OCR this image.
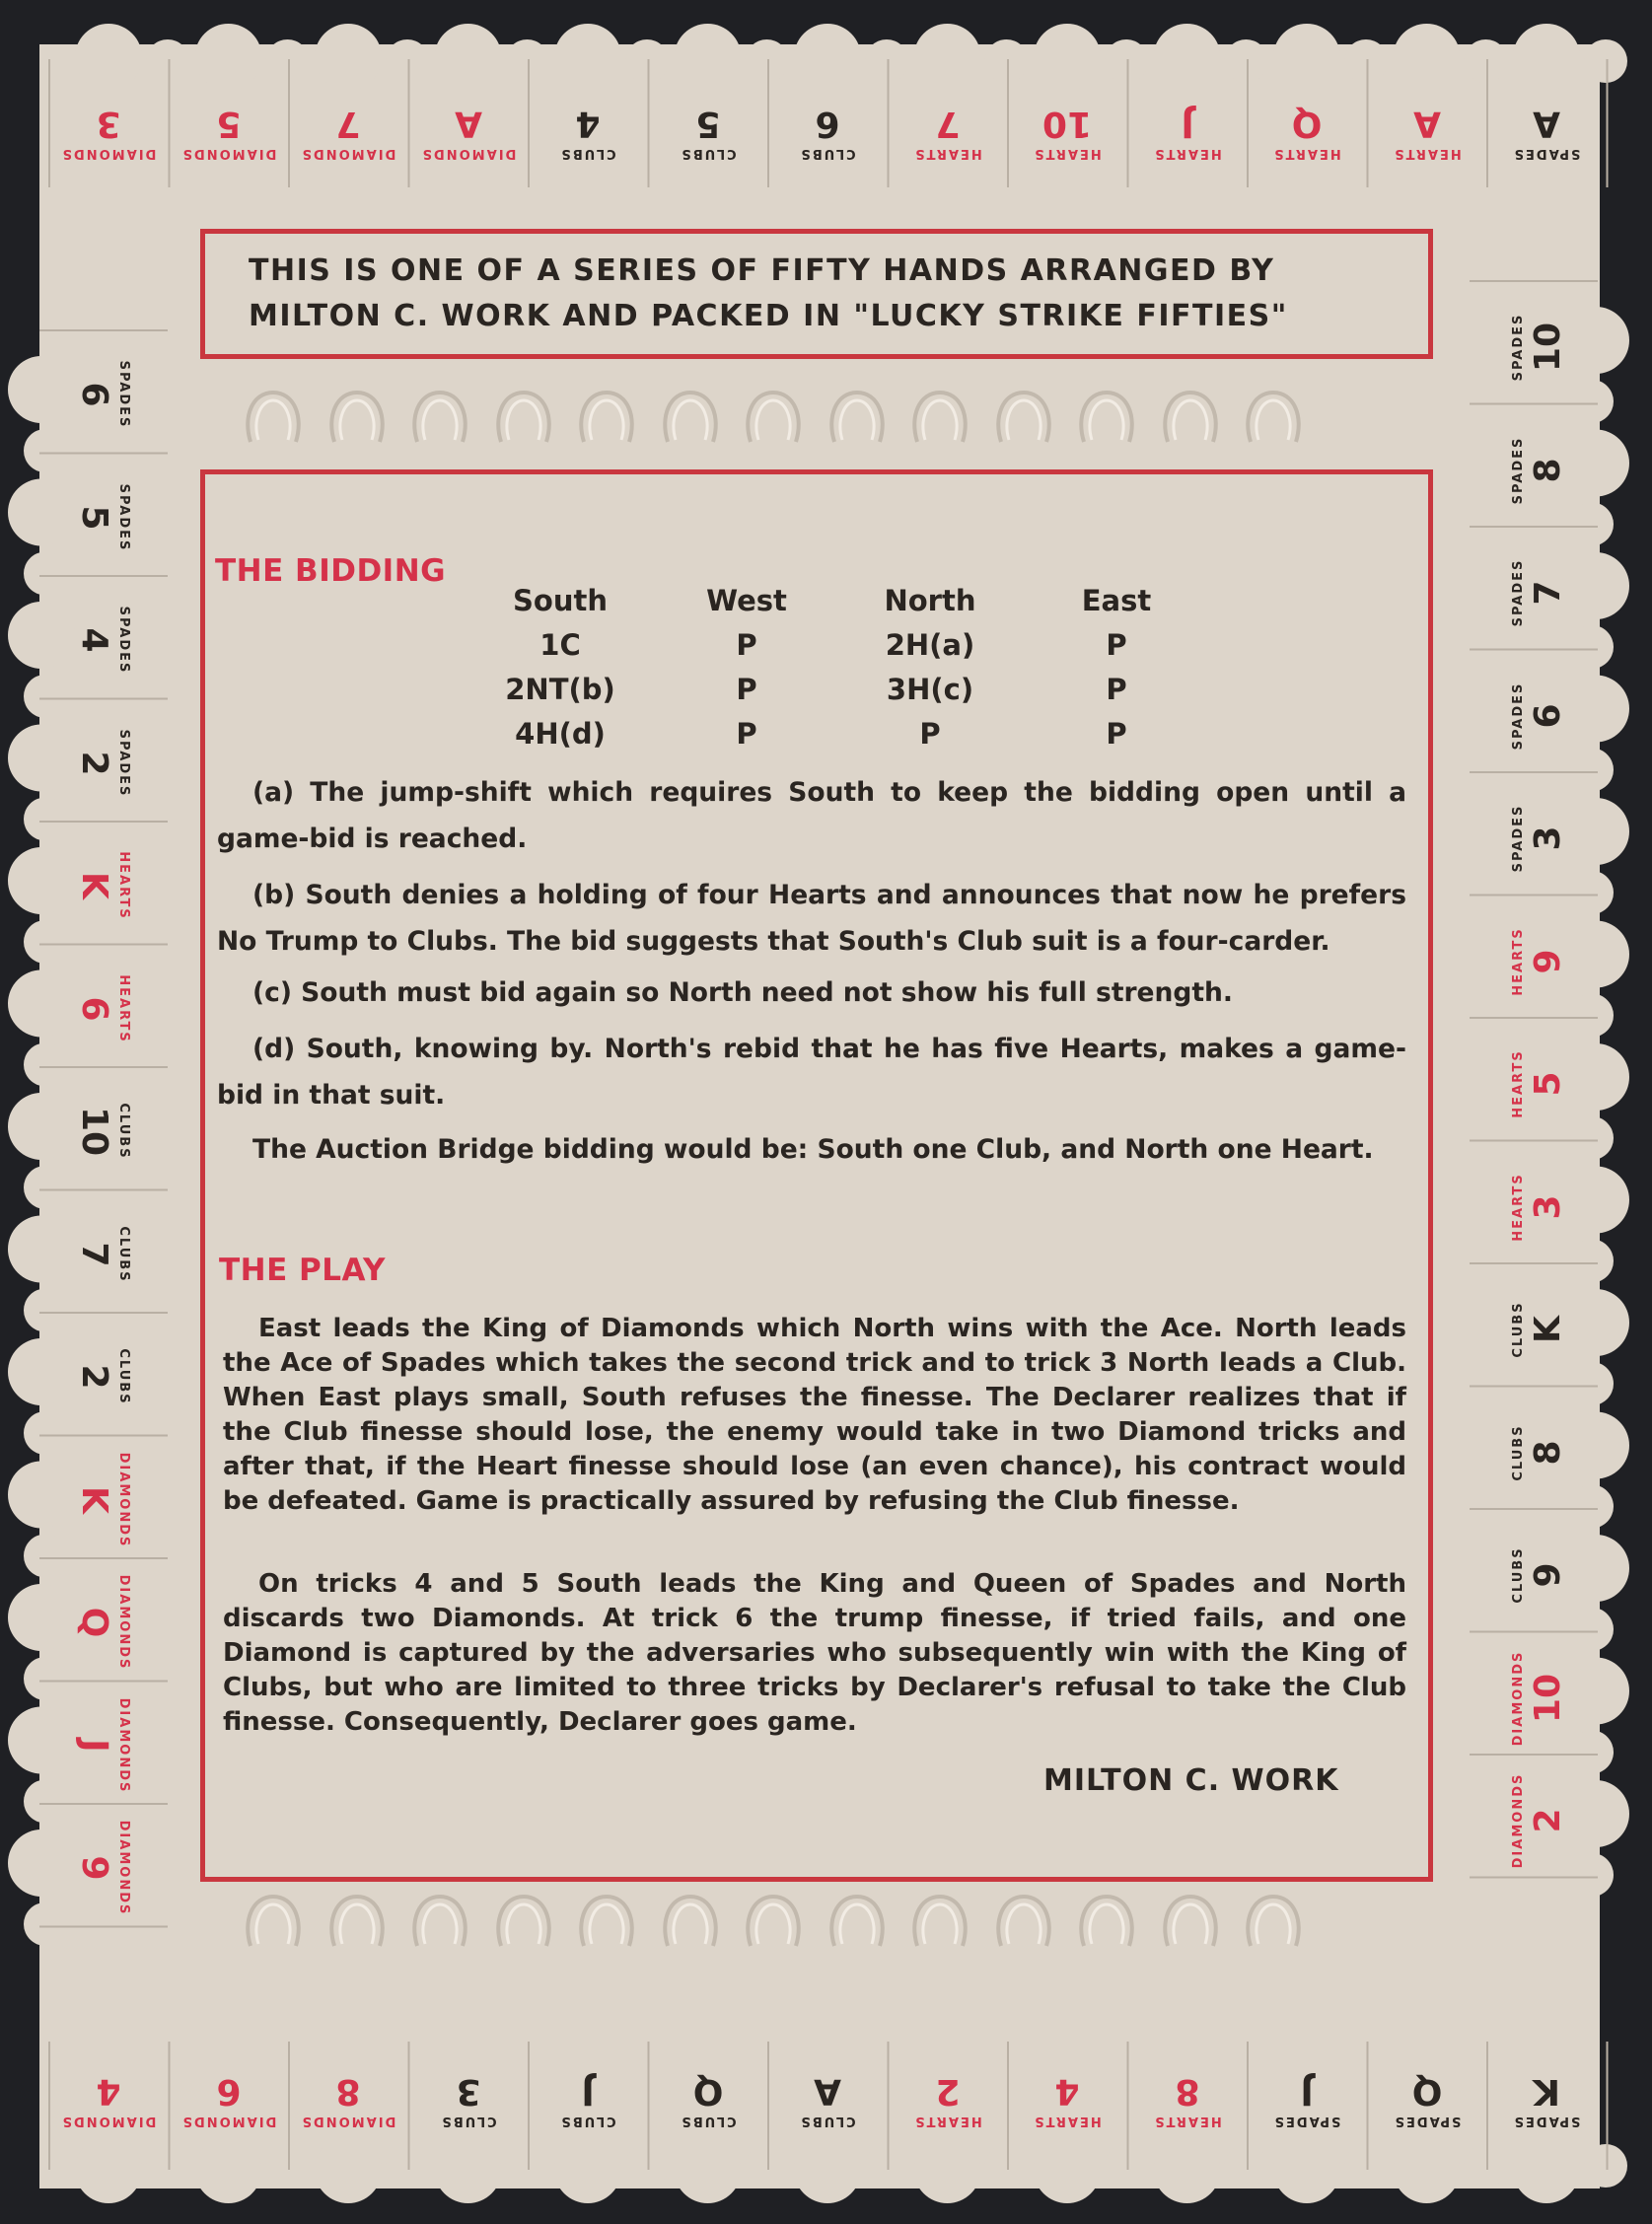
DIAMONDS
3
DIAMONDS
5
DIAMONDS
7
DIAMONDS
A
CLUBS
4
CLUBS
5
CLUBS
6
HEARTS
7
HEARTS
10
HEARTS
J
HEARTS
Q
HEARTS
A
SPADES
A
DIAMONDS
4
DIAMONDS
6
DIAMONDS
8
CLUBS
3
CLUBS
J
CLUBS
Q
CLUBS
A
HEARTS
2
HEARTS
4
HEARTS
8
SPADES
J
SPADES
Q
SPADES
K
SPADES
6
SPADES
5
SPADES
4
SPADES
2
HEARTS
K
HEARTS
6
CLUBS
10
CLUBS
7
CLUBS
2
DIAMONDS
K
DIAMONDS
Q
DIAMONDS
J
DIAMONDS
9
SPADES 10
SPADES 8
SPADES 7
SPADES 6
SPADES 3
HEARTS 9
HEARTS 5
HEARTS 3
CLUBS K
CLUBS 8
CLUBS 9
DIAMONDS 10
DIAMONDS 2
THIS IS ONE OF A SERIES OF FIFTY HANDS ARRANGED BY
MILTON C. WORK AND PACKED IN "LUCKY STRIKE FIFTIES"
THE BIDDING
South	West	North	East
1C	P	2H(a)	P
2NT(b)	P	3H(c)	P
4H(d)	P	P	P
(a) The jump-shift which requires South to keep the bidding open until a game-bid is reached.
(b) South denies a holding of four Hearts and announces that now he prefers No Trump to Clubs. The bid suggests that South's Club suit is a four-carder.
(c) South must bid again so North need not show his full strength.
(d) South, knowing by. North's rebid that he has five Hearts, makes a game-bid in that suit.
The Auction Bridge bidding would be: South one Club, and North one Heart.
THE PLAY
East leads the King of Diamonds which North wins with the Ace. North leads the Ace of Spades which takes the second trick and to trick 3 North leads a Club. When East plays small, South refuses the finesse. The Declarer realizes that if the Club finesse should lose, the enemy would take in two Diamond tricks and after that, if the Heart finesse should lose (an even chance), his contract would be defeated. Game is practically assured by refusing the Club finesse.
On tricks 4 and 5 South leads the King and Queen of Spades and North discards two Diamonds. At trick 6 the trump finesse, if tried fails, and one Diamond is captured by the adversaries who subsequently win with the King of Clubs, but who are limited to three tricks by Declarer's refusal to take the Club finesse. Consequently, Declarer goes game.
MILTON C. WORK
